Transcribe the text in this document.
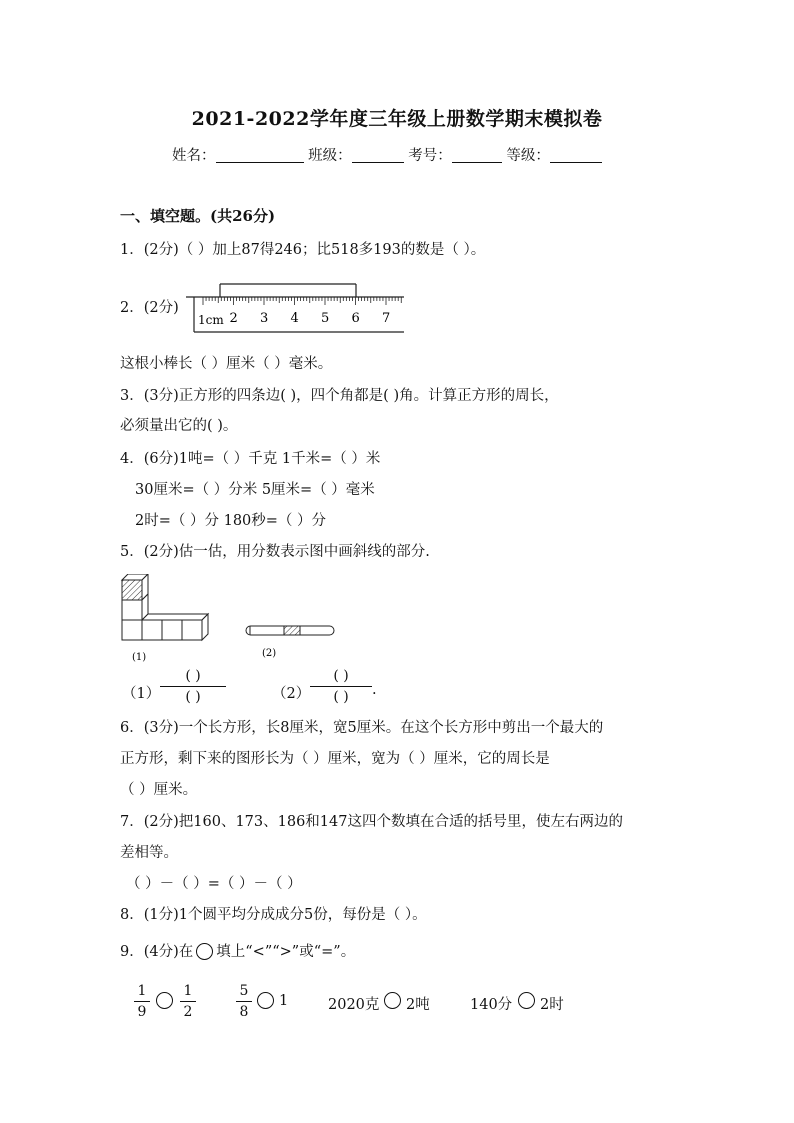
2021-2022学年度三年级上册数学期末模拟卷
姓名：	班级：	考号：	等级：
一、填空题。(共26分)
1．(2分)（ ）加上87得246；比518多193的数是（ ）。
2．(2分)
1cm 2 3 4 5 6 7
这根小棒长（ ）厘米（ ）毫米。
3．(3分)正方形的四条边( )，四个角都是( )角。计算正方形的周长，
必须量出它的( )。
4．(6分)1吨=（ ）千克 1千米=（ ）米
30厘米=（ ）分米 5厘米=（ ）毫米
2时=（ ）分 180秒=（ ）分
5．(2分)估一估，用分数表示图中画斜线的部分.
(1)	(2)
（1）
( )
( )	（2）
( )
( )	.
6．(3分)一个长方形，长8厘米，宽5厘米。在这个长方形中剪出一个最大的
正方形，剩下来的图形长为（ ）厘米，宽为（ ）厘米，它的周长是
（ ）厘米。
7．(2分)把160、173、186和147这四个数填在合适的括号里，使左右两边的
差相等。
（ ）－（ ）=（ ）－（ ）
8．(1分)1个圆平均分成成分5份，每份是（ ）。
9．(4分)在 填上“<”“>”或“=”。
1
9
1
2
5
8
1	2020克 2吨	140分 2时
